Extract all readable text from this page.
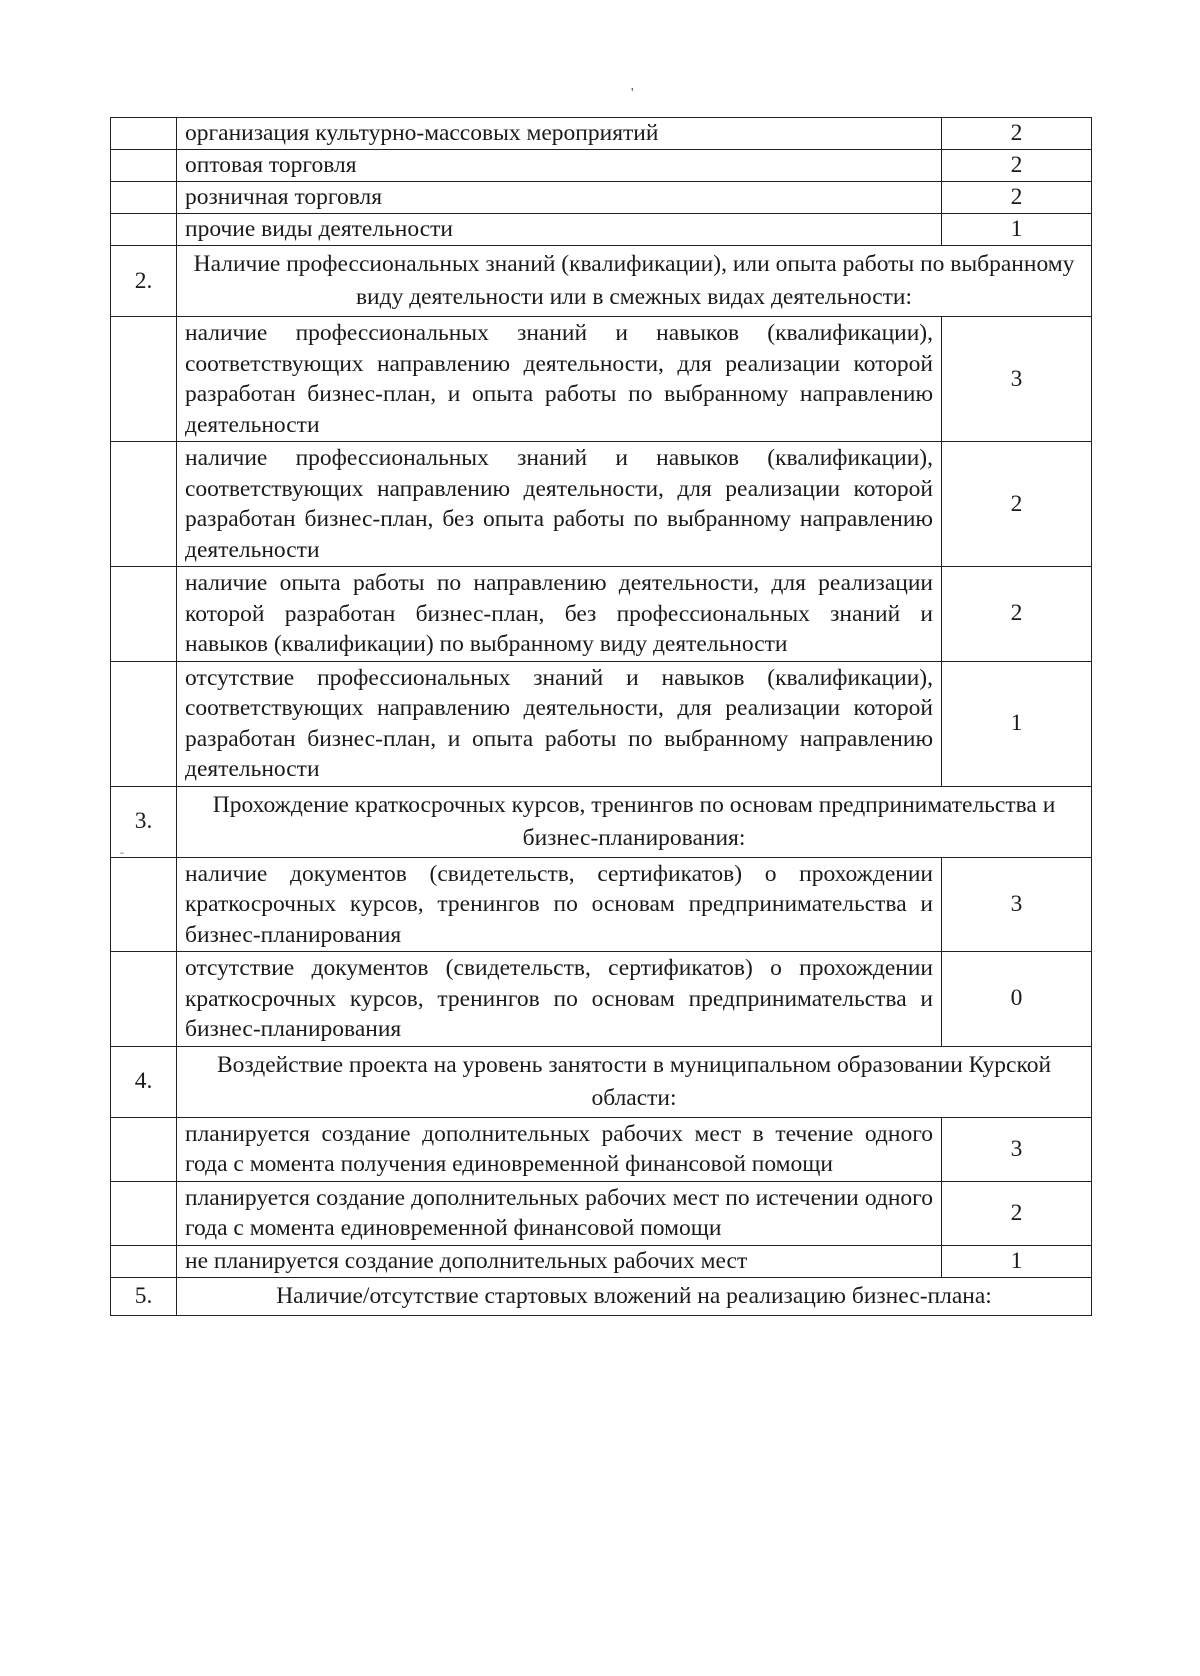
'
	организация культурно-массовых мероприятий	2
	оптовая торговля	2
	розничная торговля	2
	прочие виды деятельности	1
2.	Наличие профессиональных знаний (квалификации), или опыта работы по выбранному виду деятельности или в смежных видах деятельности:	
	наличие профессиональных знаний и навыков (квалификации), соответствующих направлению деятельности, для реализации которой разработан бизнес-план, и опыта работы по выбранному направлению деятельности	3
	наличие профессиональных знаний и навыков (квалификации), соответствующих направлению деятельности, для реализации которой разработан бизнес-план, без опыта работы по выбранному направлению деятельности	2
	наличие опыта работы по направлению деятельности, для реализации которой разработан бизнес-план, без профессиональных знаний и навыков (квалификации) по выбранному виду деятельности	2
	отсутствие профессиональных знаний и навыков (квалификации), соответствующих направлению деятельности, для реализации которой разработан бизнес-план, и опыта работы по выбранному направлению деятельности	1
3.	Прохождение краткосрочных курсов, тренингов по основам предпринимательства и бизнес-планирования:	
	наличие документов (свидетельств, сертификатов) о прохождении краткосрочных курсов, тренингов по основам предпринимательства и бизнес-планирования	3
	отсутствие документов (свидетельств, сертификатов) о прохождении краткосрочных курсов, тренингов по основам предпринимательства и бизнес-планирования	0
4.	Воздействие проекта на уровень занятости в муниципальном образовании Курской области:	
	планируется создание дополнительных рабочих мест в течение одного года с момента получения единовременной финансовой помощи	3
	планируется создание дополнительных рабочих мест по истечении одного года с момента единовременной финансовой помощи	2
	не планируется создание дополнительных рабочих мест	1
5.	Наличие/отсутствие стартовых вложений на реализацию бизнес-плана:	
-
